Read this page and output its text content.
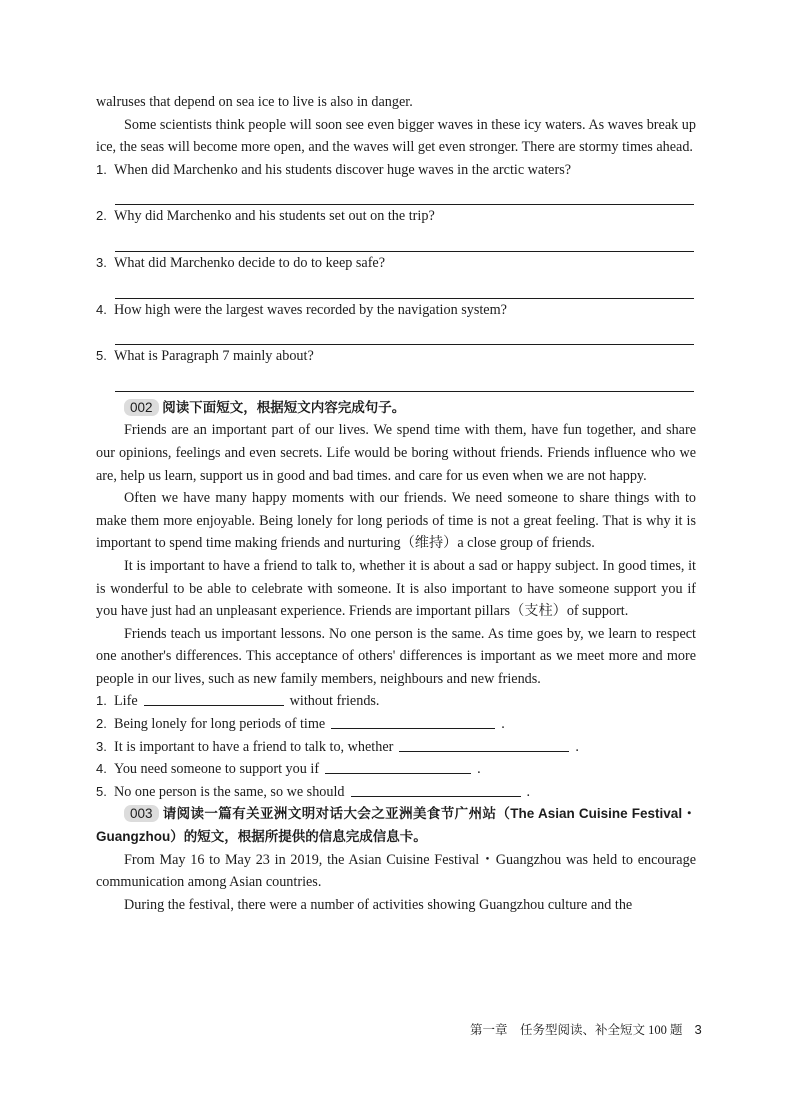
walruses that depend on sea ice to live is also in danger.

Some scientists think people will soon see even bigger waves in these icy waters. As waves break up ice, the seas will become more open, and the waves will get even stronger. There are stormy times ahead.

1. When did Marchenko and his students discover huge waves in the arctic waters?
2. Why did Marchenko and his students set out on the trip?
3. What did Marchenko decide to do to keep safe?
4. How high were the largest waves recorded by the navigation system?
5. What is Paragraph 7 mainly about?
002 阅读下面短文，根据短文内容完成句子。

Friends are an important part of our lives. We spend time with them, have fun together, and share our opinions, feelings and even secrets. Life would be boring without friends. Friends influence who we are, help us learn, support us in good and bad times. and care for us even when we are not happy.

Often we have many happy moments with our friends. We need someone to share things with to make them more enjoyable. Being lonely for long periods of time is not a great feeling. That is why it is important to spend time making friends and nurturing（维持）a close group of friends.

It is important to have a friend to talk to, whether it is about a sad or happy subject. In good times, it is wonderful to be able to celebrate with someone. It is also important to have someone support you if you have just had an unpleasant experience. Friends are important pillars（支柱）of support.

Friends teach us important lessons. No one person is the same. As time goes by, we learn to respect one another's differences. This acceptance of others' differences is important as we meet more and more people in our lives, such as new family members, neighbours and new friends.

1. Life	without friends.
2. Being lonely for long periods of time	.
3. It is important to have a friend to talk to, whether	.
4. You need someone to support you if	.
5. No one person is the same, so we should	.
003 请阅读一篇有关亚洲文明对话大会之亚洲美食节广州站（The Asian Cuisine Festival・Guangzhou）的短文，根据所提供的信息完成信息卡。

From May 16 to May 23 in 2019, the Asian Cuisine Festival・Guangzhou was held to encourage communication among Asian countries.

During the festival, there were a number of activities showing Guangzhou culture and the

第一章　任务型阅读、补全短文 100 题 3
